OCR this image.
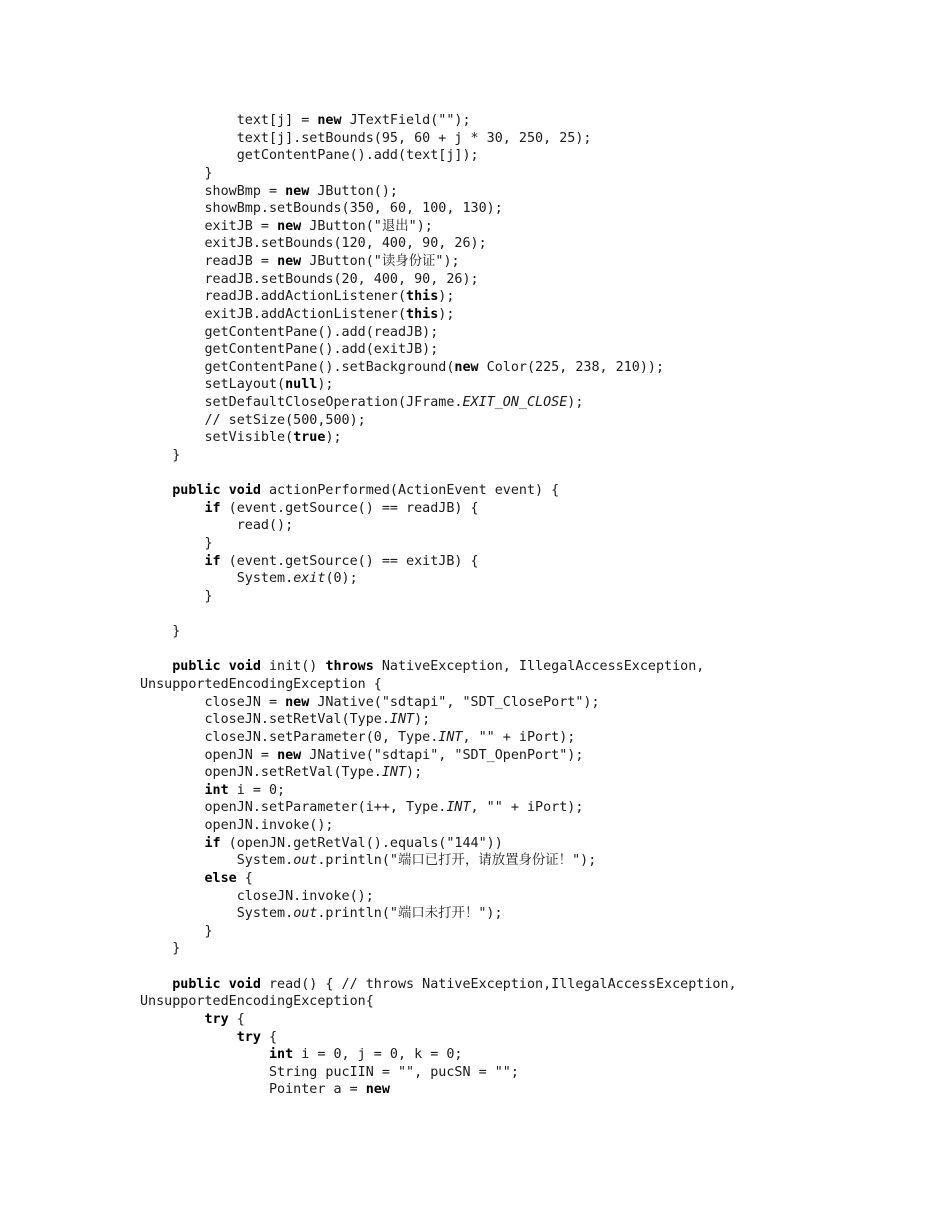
text[j] = new JTextField("");
text[j].setBounds(95, 60 + j * 30, 250, 25);
getContentPane().add(text[j]);
}
showBmp = new JButton();
showBmp.setBounds(350, 60, 100, 130);
exitJB = new JButton("退出");
exitJB.setBounds(120, 400, 90, 26);
readJB = new JButton("读身份证");
readJB.setBounds(20, 400, 90, 26);
readJB.addActionListener(this);
exitJB.addActionListener(this);
getContentPane().add(readJB);
getContentPane().add(exitJB);
getContentPane().setBackground(new Color(225, 238, 210));
setLayout(null);
setDefaultCloseOperation(JFrame.EXIT_ON_CLOSE);
// setSize(500,500);
setVisible(true);
}
public void actionPerformed(ActionEvent event) {
if (event.getSource() == readJB) {
read();
}
if (event.getSource() == exitJB) {
System.exit(0);
}
}
public void init() throws NativeException, IllegalAccessException,
UnsupportedEncodingException {
closeJN = new JNative("sdtapi", "SDT_ClosePort");
closeJN.setRetVal(Type.INT);
closeJN.setParameter(0, Type.INT, "" + iPort);
openJN = new JNative("sdtapi", "SDT_OpenPort");
openJN.setRetVal(Type.INT);
int i = 0;
openJN.setParameter(i++, Type.INT, "" + iPort);
openJN.invoke();
if (openJN.getRetVal().equals("144"))
System.out.println("端口已打开，请放置身份证！");
else {
closeJN.invoke();
System.out.println("端口未打开！");
}
}
public void read() { // throws NativeException,IllegalAccessException,
UnsupportedEncodingException{
try {
try {
int i = 0, j = 0, k = 0;
String pucIIN = "", pucSN = "";
Pointer a = new
